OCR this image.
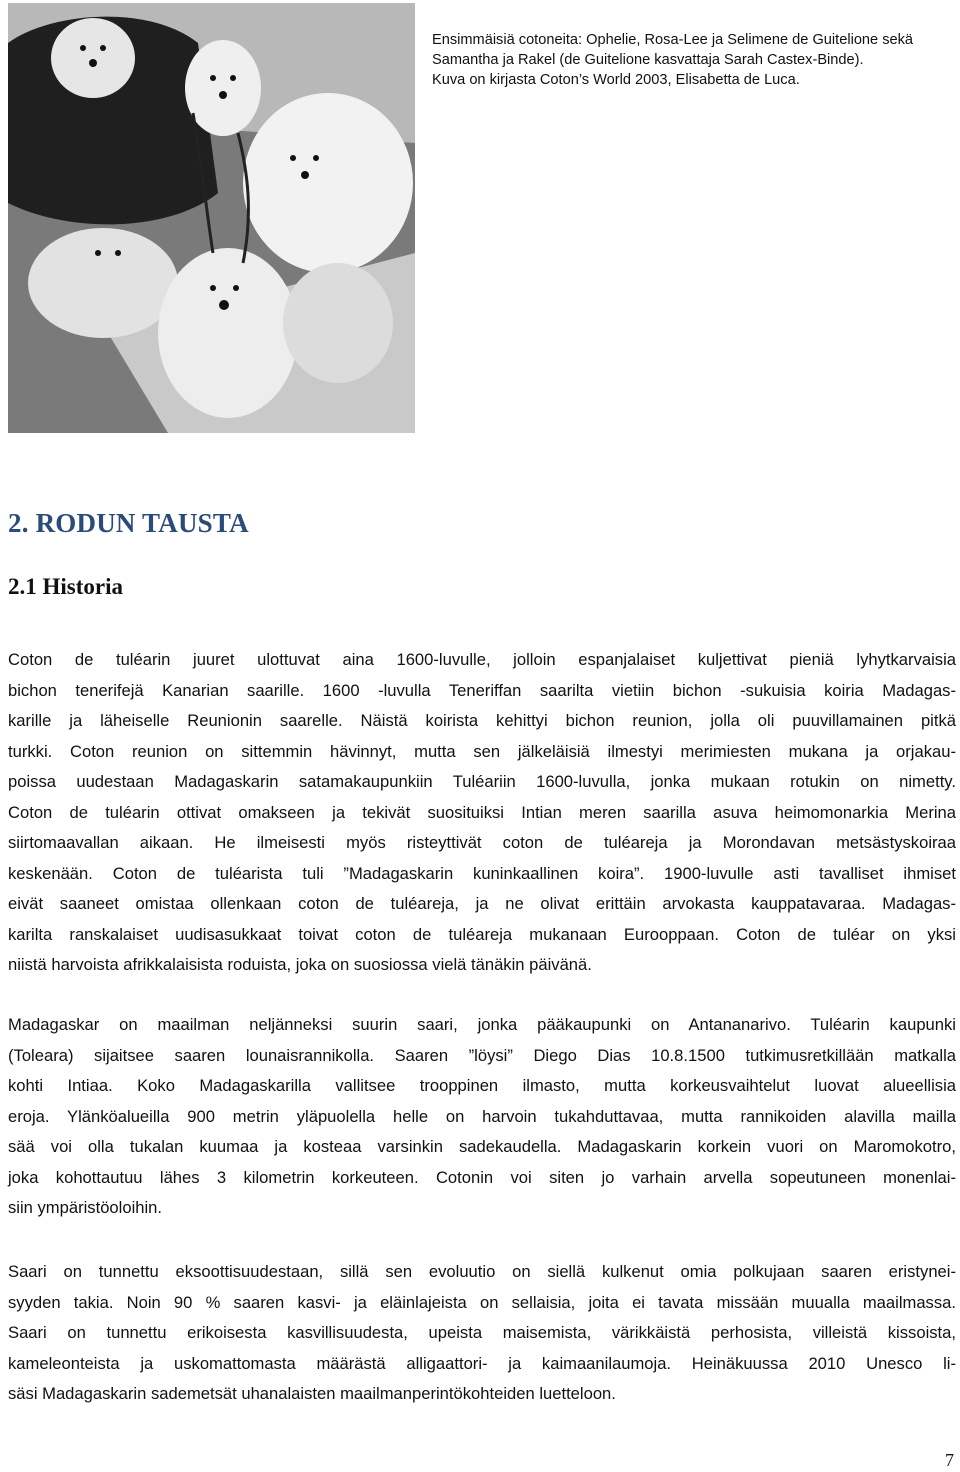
Ensimmäisiä cotoneita: Ophelie, Rosa-Lee ja Selimene de Guitelione sekä
Samantha ja Rakel (de Guitelione kasvattaja Sarah Castex-Binde).
Kuva on kirjasta Coton’s World 2003, Elisabetta de Luca.
2. RODUN TAUSTA
2.1 Historia

Coton de tuléarin juuret ulottuvat aina 1600-luvulle, jolloin espanjalaiset kuljettivat pieniä lyhytkarvaisia
bichon tenerifejä Kanarian saarille. 1600 -luvulla Teneriffan saarilta vietiin bichon -sukuisia koiria Madagas-
karille ja läheiselle Reunionin saarelle. Näistä koirista kehittyi bichon reunion, jolla oli puuvillamainen pitkä
turkki. Coton reunion on sittemmin hävinnyt, mutta sen jälkeläisiä ilmestyi merimiesten mukana ja orjakau-
poissa uudestaan Madagaskarin satamakaupunkiin Tuléariin 1600-luvulla, jonka mukaan rotukin on nimetty.
Coton de tuléarin ottivat omakseen ja tekivät suosituiksi Intian meren saarilla asuva heimomonarkia Merina
siirtomaavallan aikaan. He ilmeisesti myös risteyttivät coton de tuléareja ja Morondavan metsästyskoiraa
keskenään. Coton de tuléarista tuli ”Madagaskarin kuninkaallinen koira”. 1900-luvulle asti tavalliset ihmiset
eivät saaneet omistaa ollenkaan coton de tuléareja, ja ne olivat erittäin arvokasta kauppatavaraa. Madagas-
karilta ranskalaiset uudisasukkaat toivat coton de tuléareja mukanaan Eurooppaan. Coton de tuléar on yksi
niistä harvoista afrikkalaisista roduista, joka on suosiossa vielä tänäkin päivänä.

Madagaskar on maailman neljänneksi suurin saari, jonka pääkaupunki on Antananarivo. Tuléarin kaupunki
(Toleara) sijaitsee saaren lounaisrannikolla. Saaren ”löysi” Diego Dias 10.8.1500 tutkimusretkillään matkalla
kohti Intiaa. Koko Madagaskarilla vallitsee trooppinen ilmasto, mutta korkeusvaihtelut luovat alueellisia
eroja. Ylänköalueilla 900 metrin yläpuolella helle on harvoin tukahduttavaa, mutta rannikoiden alavilla mailla
sää voi olla tukalan kuumaa ja kosteaa varsinkin sadekaudella. Madagaskarin korkein vuori on Maromokotro,
joka kohottautuu lähes 3 kilometrin korkeuteen. Cotonin voi siten jo varhain arvella sopeutuneen monenlai-
siin ympäristöoloihin.

Saari on tunnettu eksoottisuudestaan, sillä sen evoluutio on siellä kulkenut omia polkujaan saaren eristynei-
syyden takia. Noin 90 % saaren kasvi- ja eläinlajeista on sellaisia, joita ei tavata missään muualla maailmassa.
Saari on tunnettu erikoisesta kasvillisuudesta, upeista maisemista, värikkäistä perhosista, villeistä kissoista,
kameleonteista ja uskomattomasta määrästä alligaattori- ja kaimaanilaumoja. Heinäkuussa 2010 Unesco li-
säsi Madagaskarin sademetsät uhanalaisten maailmanperintökohteiden luetteloon.

7
